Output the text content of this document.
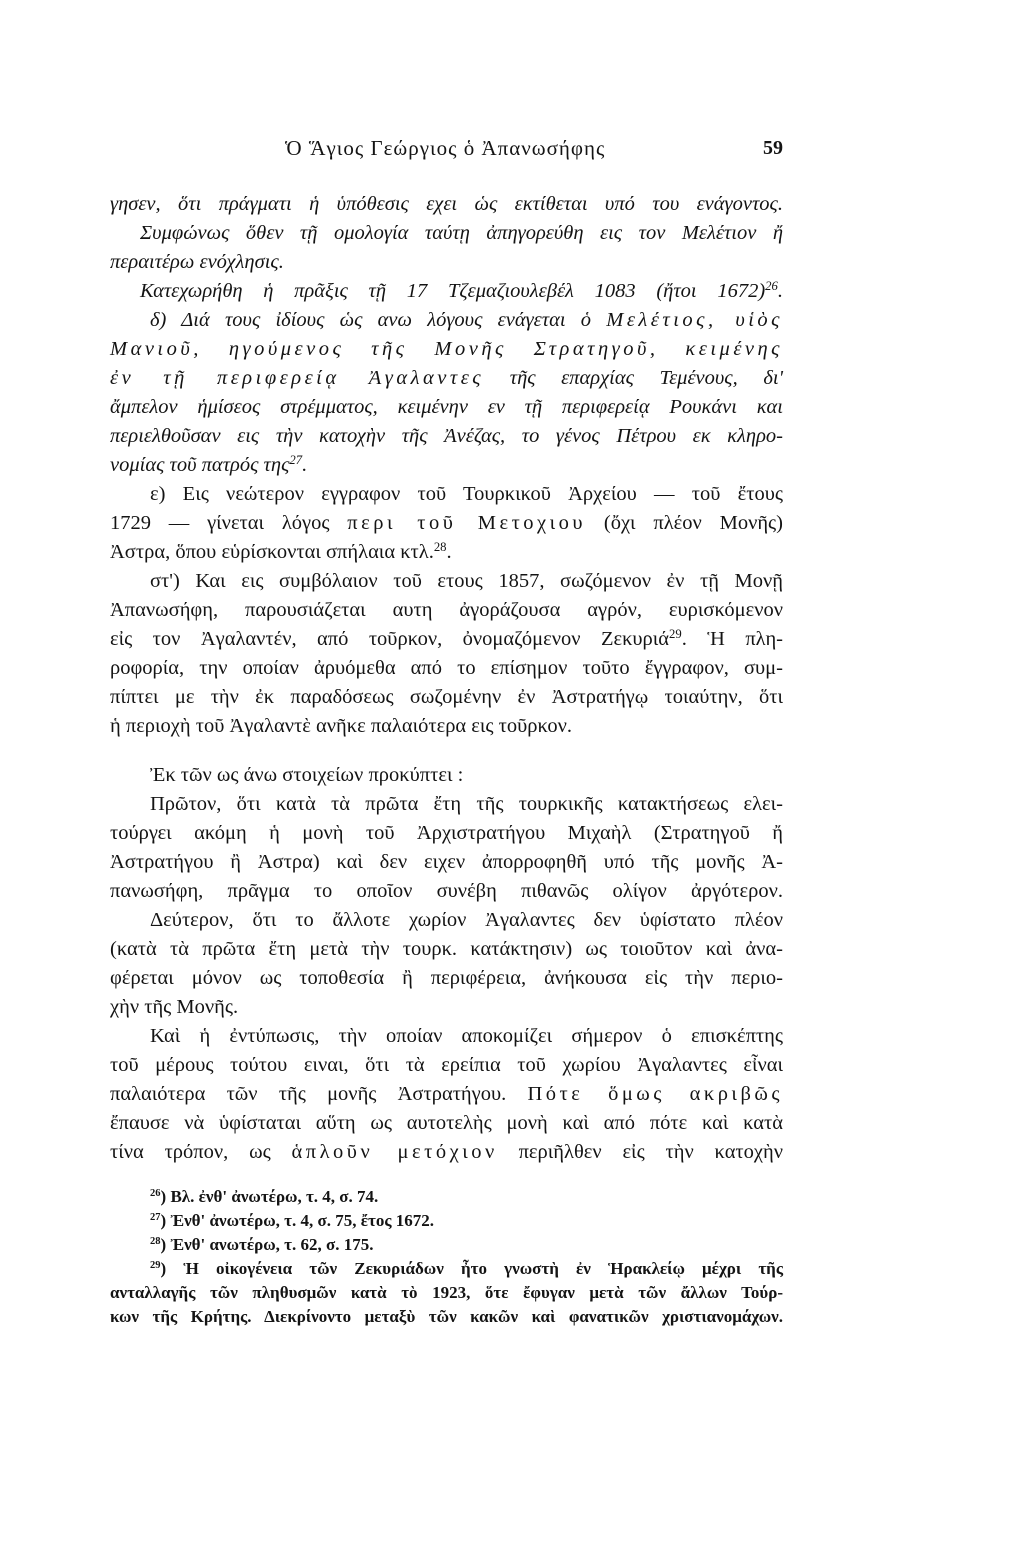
Ὁ Ἅγιος Γεώργιος ὁ Ἀπανωσήφης	59
γησεν, ὅτι πράγματι ἡ ὑπόθεσις εχει ὡς εκτίθεται υπό του ενάγοντος.
Συμφώνως ὅθεν τῇ ομολογία ταύτῃ ἀπηγορεύθη εις τον Μελέτιον ἤ
περαιτέρω ενόχλησις.
Κατεχωρήθη ἡ πρᾶξις τῇ 17 Τζεμαζιουλεβέλ 1083 (ἤτοι 1672)$^{26}$.
δ) Διά τους ἰδίους ὡς ανω λόγους ενάγεται ὁ Μελέτιος, υἱὸς
Μανιοῦ, ηγούμενος τῆς Μονῆς Στρατηγοῦ, κειμένης
ἐν τῇ περιφερείᾳ Ἀγαλαντες τῆς επαρχίας Τεμένους, δι'
ἄμπελον ἡμίσεος στρέμματος, κειμένην εν τῇ περιφερείᾳ Ρουκάνι και
περιελθοῦσαν εις τὴν κατοχὴν τῆς Ἀνέζας, το γένος Πέτρου εκ κληρο-
νομίας τοῦ πατρός της$^{27}$.
ε) Εις νεώτερον εγγραφον τοῦ Τουρκικοῦ Ἀρχείου — τοῦ ἔτους
1729 — γίνεται λόγος περι τοῦ Μετοχιου (ὄχι πλέον Μονῆς)
Ἀστρα, ὅπου εὑρίσκονται σπήλαια κτλ.$^{28}$.
στ') Και εις συμβόλαιον τοῦ ετους 1857, σωζόμενον ἐν τῇ Μονῇ
Ἀπανωσήφη, παρουσιάζεται αυτη ἀγοράζουσα αγρόν, ευρισκόμενον
εἰς τον Ἀγαλαντέν, από τοῦρκον, ὀνομαζόμενον Ζεκυριά$^{29}$. Ἡ πλη-
ροφορία, την οποίαν ἀρυόμεθα από το επίσημον τοῦτο ἔγγραφον, συμ-
πίπτει με τὴν ἐκ παραδόσεως σωζομένην ἐν Ἀστρατήγῳ τοιαύτην, ὅτι
ἡ περιοχὴ τοῦ Ἀγαλαντὲ ανῆκε παλαιότερα εις τοῦρκον.
Ἐκ τῶν ως άνω στοιχείων προκύπτει :
Πρῶτον, ὅτι κατὰ τὰ πρῶτα ἔτη τῆς τουρκικῆς κατακτήσεως ελει-
τούργει ακόμη ἡ μονὴ τοῦ Ἀρχιστρατήγου Μιχαὴλ (Στρατηγοῦ ἤ
Ἀστρατήγου ἢ Ἀστρα) καὶ δεν ειχεν ἀπορροφηθῆ υπό τῆς μονῆς Ἀ-
πανωσήφη, πρᾶγμα το οποῖον συνέβη πιθανῶς ολίγον ἀργότερον.
Δεύτερον, ὅτι το ἄλλοτε χωρίον Ἀγαλαντες δεν ὑφίστατο πλέον
(κατὰ τὰ πρῶτα ἔτη μετὰ τὴν τουρκ. κατάκτησιν) ως τοιοῦτον καὶ ἀνα-
φέρεται μόνον ως τοποθεσία ἢ περιφέρεια, ἀνήκουσα εἰς τὴν περιο-
χὴν τῆς Μονῆς.
Καὶ ἡ ἐντύπωσις, τὴν οποίαν αποκομίζει σήμερον ὁ επισκέπτης
τοῦ μέρους τούτου ειναι, ὅτι τὰ ερείπια τοῦ χωρίου Ἀγαλαντες εἶναι
παλαιότερα τῶν τῆς μονῆς Ἀστρατήγου. Πότε ὅμως ακριβῶς
ἔπαυσε νὰ ὑφίσταται αὕτη ως αυτοτελὴς μονὴ καὶ από πότε καὶ κατὰ
τίνα τρόπον, ως ἁπλοῦν μετόχιον περιῆλθεν εἰς τὴν κατοχὴν
$^{26}$) Βλ. ἐνθ' ἀνωτέρω, τ. 4, σ. 74.
$^{27}$) Ἐνθ' ἀνωτέρω, τ. 4, σ. 75, ἔτος 1672.
$^{28}$) Ἐνθ' ανωτέρω, τ. 62, σ. 175.
$^{29}$) Ἡ οἰκογένεια τῶν Ζεκυριάδων ἦτο γνωστὴ ἐν Ἡρακλείῳ μέχρι τῆς
ανταλλαγῆς τῶν πληθυσμῶν κατὰ τὸ 1923, ὅτε ἔφυγαν μετὰ τῶν ἄλλων Τούρ-
κων τῆς Κρήτης. Διεκρίνοντο μεταξὺ τῶν κακῶν καὶ φανατικῶν χριστιανομάχων.
